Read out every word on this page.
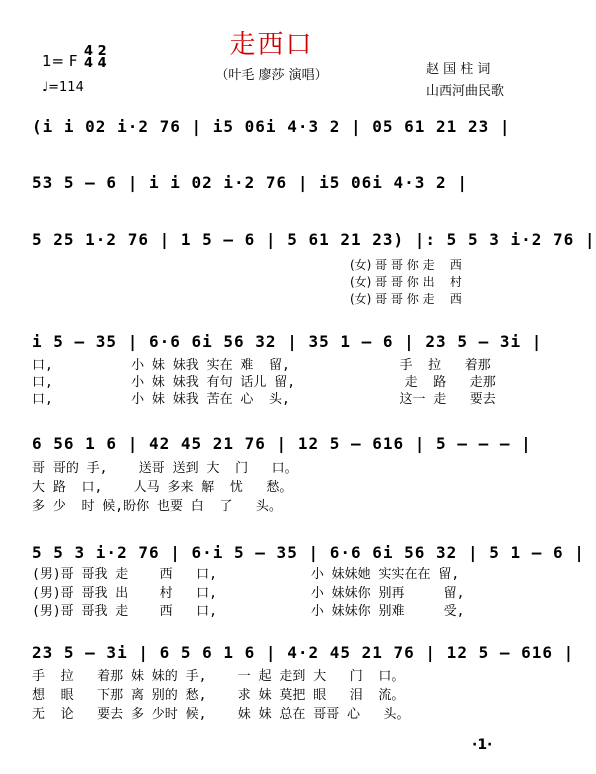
走西口
（叶毛 廖莎 演唱）
1= F
4 2
4 4
♩=114
赵 国 柱 词
山西河曲民歌
(i i 02 i·2 76 | i5 06i 4·3 2 | 05 61 21 23 |
53 5 – 6 | i i 02 i·2 76 | i5 06i 4·3 2 |
5 25 1·2 76 | 1 5 – 6 | 5 61 21 23) |: 5 5 3 i·2 76 |
(女) 哥 哥 你 走    西
(女) 哥 哥 你 出    村
(女) 哥 哥 你 走    西
i 5 – 35 | 6·6 6i 56 32 | 35 1 – 6 | 23 5 – 3i |
口,          小 妹 妹我 实在 难  留,              手  拉   着那
口,          小 妹 妹我 有句 话儿 留,              走  路   走那
口,          小 妹 妹我 苦在 心  头,              这一 走   要去
6 56 1 6 | 42 45 21 76 | 12 5 – 616 | 5 – – – |
哥 哥的 手,    送哥 送到 大  门   口。
大 路  口,    人马 多来 解  忧   愁。
多 少  时 候,盼你 也要 白  了   头。
5 5 3 i·2 76 | 6·i 5 – 35 | 6·6 6i 56 32 | 5 1 – 6 |
(男)哥 哥我 走    西   口,            小 妹妹她 实实在在 留,
(男)哥 哥我 出    村   口,            小 妹妹你 别再     留,
(男)哥 哥我 走    西   口,            小 妹妹你 别难     受,
23 5 – 3i | 6 5 6 1 6 | 4·2 45 21 76 | 12 5 – 616 |
手  拉   着那 妹 妹的 手,    一 起 走到 大   门  口。
想  眼   下那 离 别的 愁,    求 妹 莫把 眼   泪  流。
无  论   要去 多 少时 候,    妹 妹 总在 哥哥 心   头。
·1·
